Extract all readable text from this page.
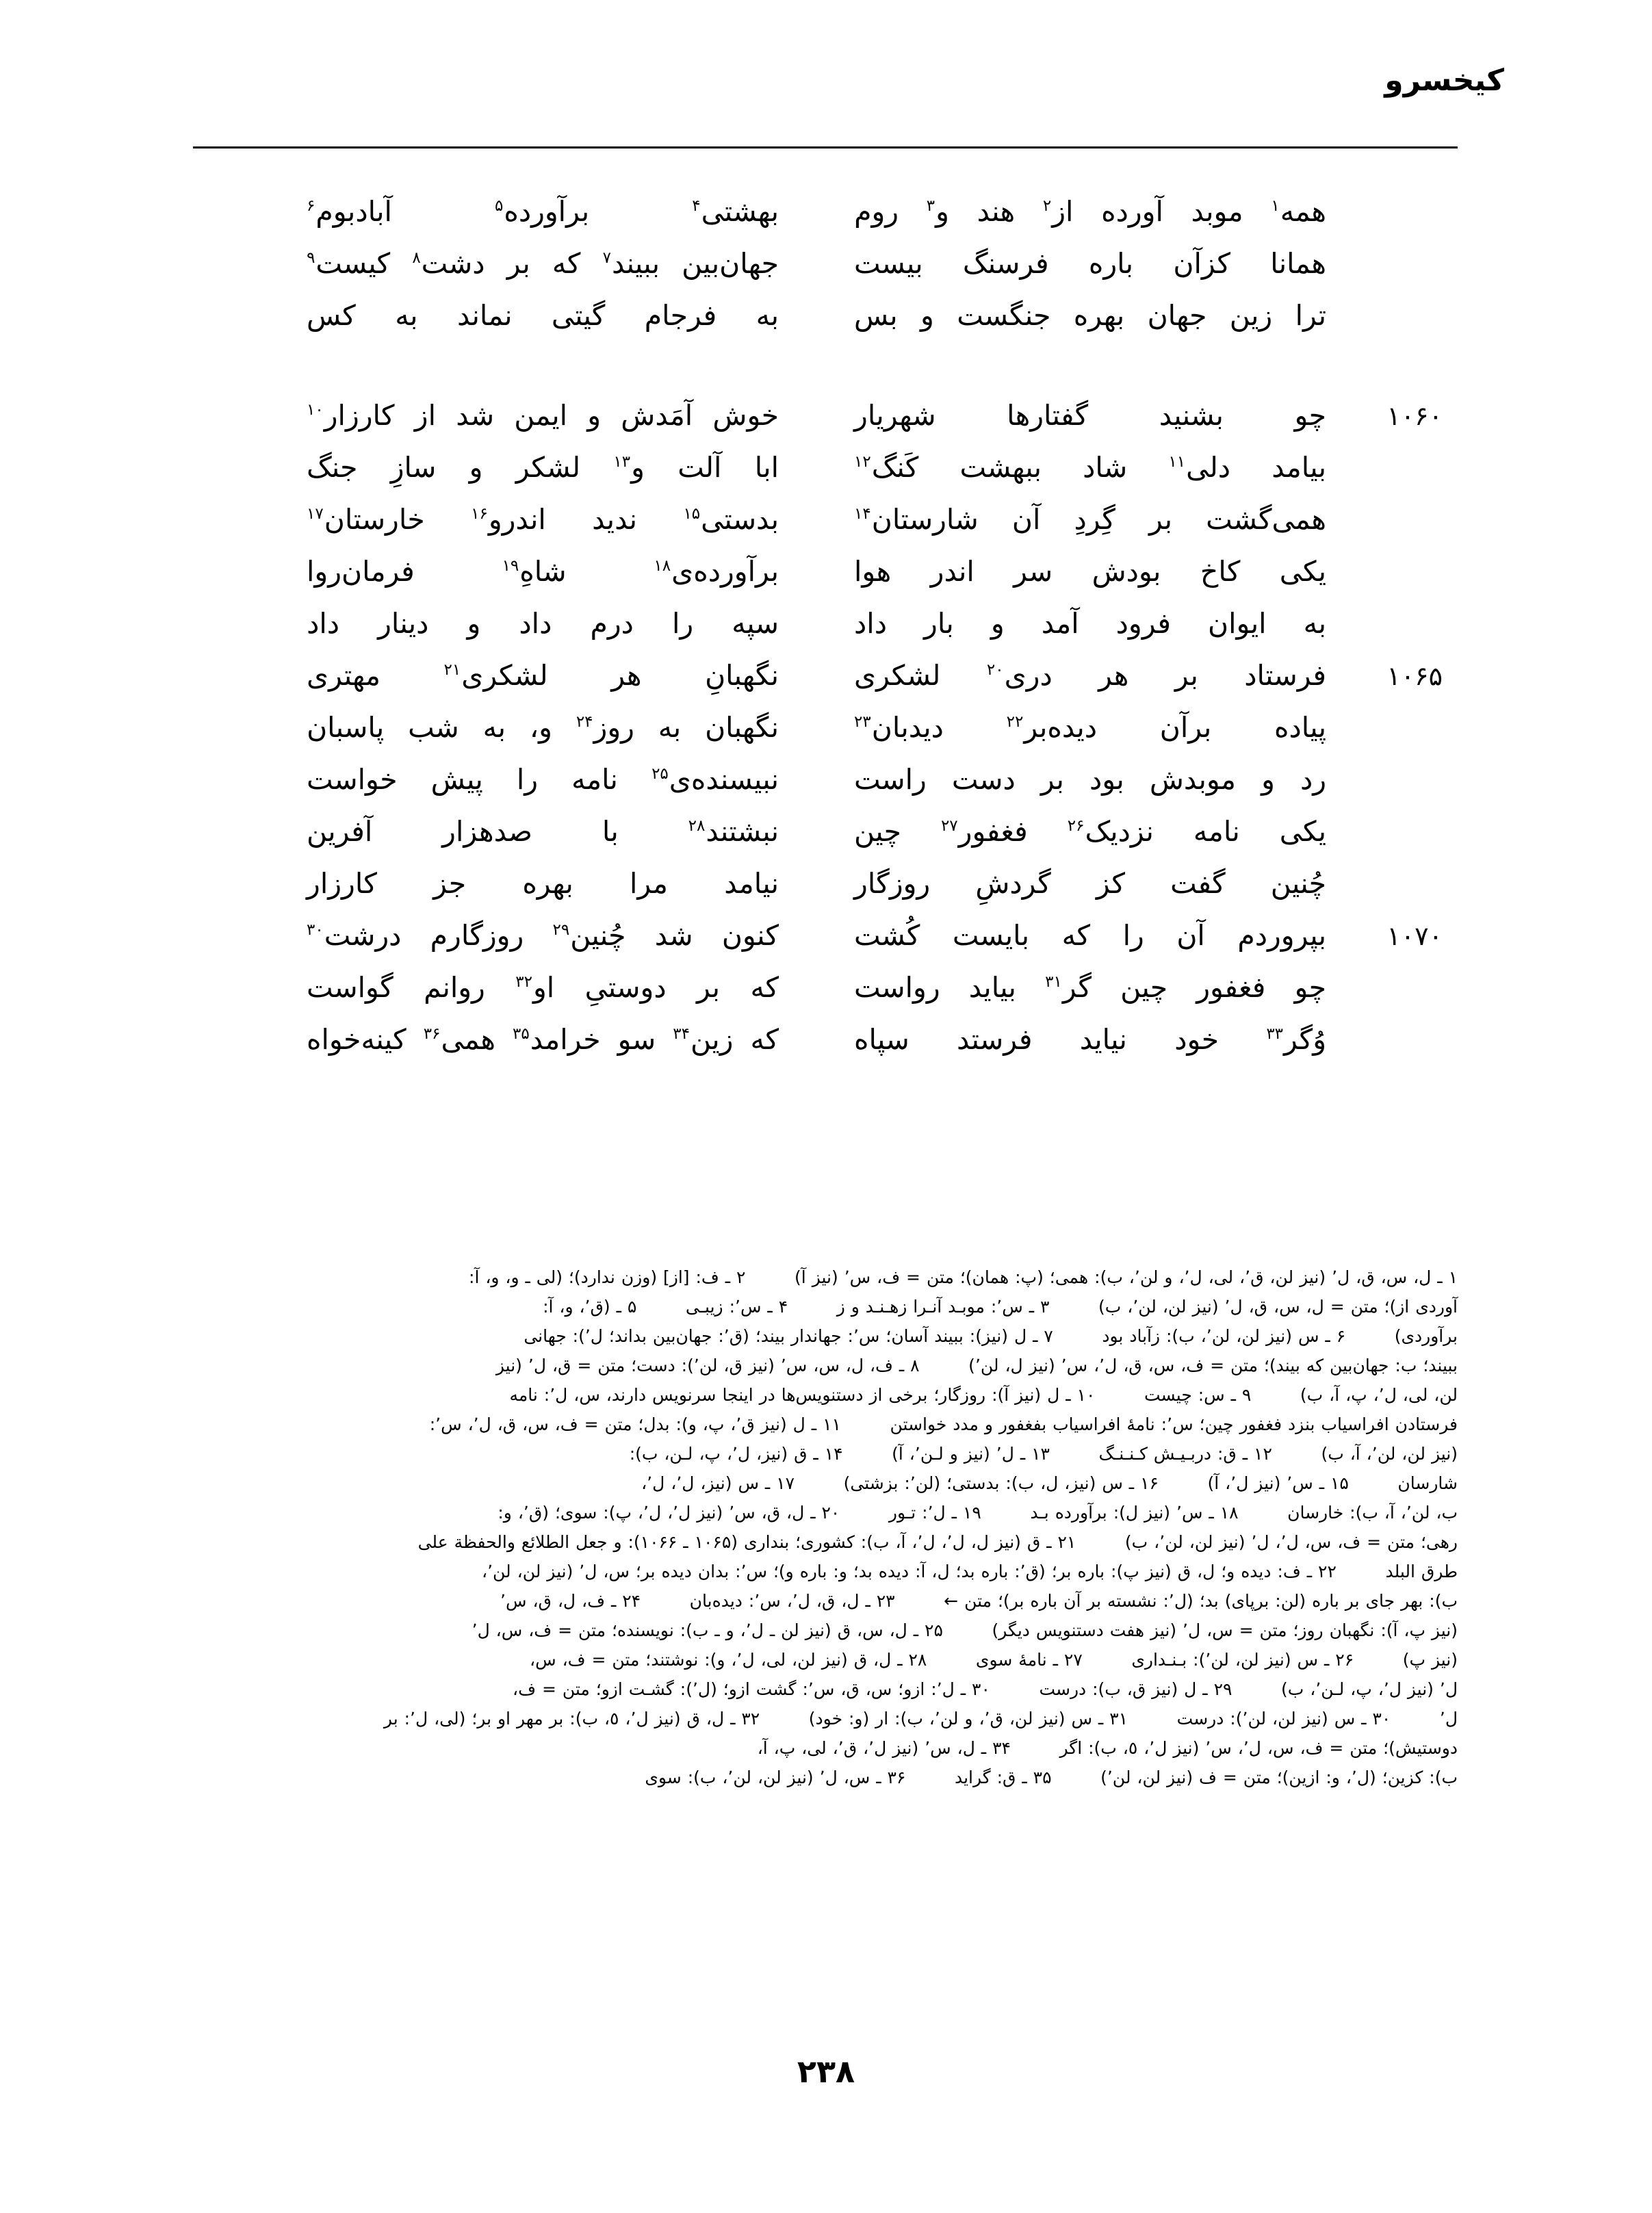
کیخسرو
همه$^۱$
موبد
آورده
از$^۲$
هند
و$^۳$
روم
بهشتی$^۴$
برآورده$^۵$
آبادبوم$^۶$
همانا
کزآن
باره
فرسنگ
بیست
جهان‌بین
ببیند$^۷$
که
بر
دشت$^۸$
کیست$^۹$
ترا
زین
جهان
بهره
جنگست
و
بس
به
فرجام
گیتی
نماند
به
کس
۱۰۶۰
چو
بشنید
گفتارها
شهریار
خوش
آمَدش
و
ایمن
شد
از
کارزار$^{۱۰}$
بیامد
دلی$^{۱۱}$
شاد
ببهشت
کَنگ$^{۱۲}$
ابا
آلت
و$^{۱۳}$
لشکر
و
سازِ
جنگ
همی‌گشت
بر
گِردِ
آن
شارستان$^{۱۴}$
بدستی$^{۱۵}$
ندید
اندرو$^{۱۶}$
خارستان$^{۱۷}$
یکی
کاخ
بودش
سر
اندر
هوا
برآورده‌ی$^{۱۸}$
شاهِ$^{۱۹}$
فرمان‌روا
به
ایوان
فرود
آمد
و
بار
داد
سپه
را
درم
داد
و
دینار
داد
۱۰۶۵
فرستاد
بر
هر
دری$^{۲۰}$
لشکری
نگهبانِ
هر
لشکری$^{۲۱}$
مهتری
پیاده
برآن
دیده‌بر$^{۲۲}$
دیدبان$^{۲۳}$
نگهبان
به
روز$^{۲۴}$
و،
به
شب
پاسبان
رد
و
موبدش
بود
بر
دست
راست
نبیسنده‌ی$^{۲۵}$
نامه
را
پیش
خواست
یکی
نامه
نزدیک$^{۲۶}$
فغفور$^{۲۷}$
چین
نبشتند$^{۲۸}$
با
صدهزار
آفرین
چُنین
گفت
کز
گردشِ
روزگار
نیامد
مرا
بهره
جز
کارزار
۱۰۷۰
بپروردم
آن
را
که
بایست
کُشت
کنون
شد
چُنین$^{۲۹}$
روزگارم
درشت$^{۳۰}$
چو
فغفور
چین
گر$^{۳۱}$
بیاید
رواست
که
بر
دوستیِ
او$^{۳۲}$
روانم
گواست
وُگر$^{۳۳}$
خود
نیاید
فرستد
سپاه
که
زین$^{۳۴}$
سو
خرامد$^{۳۵}$
همی$^{۳۶}$
کینه‌خواه
۱ ـ ل، س، ق، ل٬ (نیز لن، ق٬، لی، ل٬، و لن٬، ب): همی؛ (پ: همان)؛ متن = ف، س٬ (نیز آ)        ۲ ـ ف: [از] (وزن ندارد)؛ (لی ـ و، و، آ:
آوردی از)؛ متن = ل، س، ق، ل٬ (نیز لن، لن٬، ب)        ۳ ـ س٬: موبـد آنـرا زهـنـد و ز        ۴ ـ س٬: زیبـی        ۵ ـ (ق٬، و، آ:
برآوردی)        ۶ ـ س (نیز لن، لن٬، ب): زآباد بود        ۷ ـ ل (نیز): ببیند آسان؛ س٬: جهاندار بیند؛ (ق٬: جهان‌بین بداند؛ ل٬): جهانی
ببیند؛ ب: جهان‌بین که بیند)؛ متن = ف، س، ق، ل٬، س٬ (نیز ل، لن٬)        ۸ ـ ف، ل، س، س٬ (نیز ق، لن٬): دست؛ متن = ق، ل٬ (نیز
لن، لی، ل٬، پ، آ، ب)        ۹ ـ س: چیست        ۱۰ ـ ل (نیز آ): روزگار؛ برخی از دستنویس‌ها در اینجا سرنویس دارند، س، ل٬: نامه
فرستادن افراسیاب بنزد فغفور چین؛ س٬: نامهٔ افراسیاب بفغفور و مدد خواستن        ۱۱ ـ ل (نیز ق٬، پ، و): بدل؛ متن = ف، س، ق، ل٬، س٬:
(نیز لن، لن٬، آ، ب)        ۱۲ ـ ق: دربـیـش کـنـنـگ        ۱۳ ـ ل٬ (نیز و لـن٬، آ)        ۱۴ ـ ق (نیز، ل٬، پ، لـن، ب):
شارسان        ۱۵ ـ س٬ (نیز ل٬، آ)        ۱۶ ـ س (نیز، ل، ب): بدستی؛ (لن٬: بزشتی)        ۱۷ ـ س (نیز، ل٬، ل٬،
ب، لن٬، آ، ب): خارسان        ۱۸ ـ س٬ (نیز ل): برآورده بـد        ۱۹ ـ ل٬: تـور        ۲۰ ـ ل، ق، س٬ (نیز ل٬، ل٬، پ): سوی؛ (ق٬، و:
رهی؛ متن = ف، س، ل٬، ل٬ (نیز لن، لن٬، ب)        ۲۱ ـ ق (نیز ل، ل٬، ل٬، آ، ب): کشوری؛ بنداری (۱۰۶۵ ـ ۱۰۶۶): و جعل الطلائع والحفظة علی
طرق البلد        ۲۲ ـ ف: دیده و؛ ل، ق (نیز پ): باره بر؛ (ق٬: باره بد؛ ل، آ: دیده بد؛ و: باره و)؛ س٬: بدان دیده بر؛ س، ل٬ (نیز لن، لن٬،
ب): بهر جای بر باره (لن: برپای) بد؛ (ل٬: نشسته بر آن باره بر)؛ متن ←        ۲۳ ـ ل، ق، ل٬، س٬: دیده‌بان        ۲۴ ـ ف، ل، ق، س٬
(نیز پ، آ): نگهبان روز؛ متن = س، ل٬ (نیز هفت دستنویس دیگر)        ۲۵ ـ ل، س، ق (نیز لن ـ ل٬، و ـ ب): نویسنده؛ متن = ف، س، ل٬
(نیز پ)        ۲۶ ـ س (نیز لن، لن٬): بـنـداری        ۲۷ ـ نامهٔ سوی        ۲۸ ـ ل، ق (نیز لن، لی، ل٬، و): نوشتند؛ متن = ف، س،
ل٬ (نیز ل٬، پ، لـن٬، ب)        ۲۹ ـ ل (نیز ق، ب): درست        ۳۰ ـ ل٬: ازو؛ س، ق، س٬: گشت ازو؛ (ل٬): گشـت ازو؛ متن = ف،
ل٬        ۳۰ ـ س (نیز لن، لن٬): درست        ۳۱ ـ س (نیز لن، ق٬، و لن٬، ب): ار (و: خود)        ۳۲ ـ ل، ق (نیز ل٬، ٥، ب): بر مهر او بر؛ (لی، ل٬: بر
دوستیش)؛ متن = ف، س، ل٬، س٬ (نیز ل٬، ٥، ب): اگر        ۳۴ ـ ل، س٬ (نیز ل٬، ق٬، لی، پ، آ،
ب): کزین؛ (ل٬، و: ازین)؛ متن = ف (نیز لن، لن٬)        ۳۵ ـ ق: گراید        ۳۶ ـ س، ل٬ (نیز لن، لن٬، ب): سوی
۲۳۸
